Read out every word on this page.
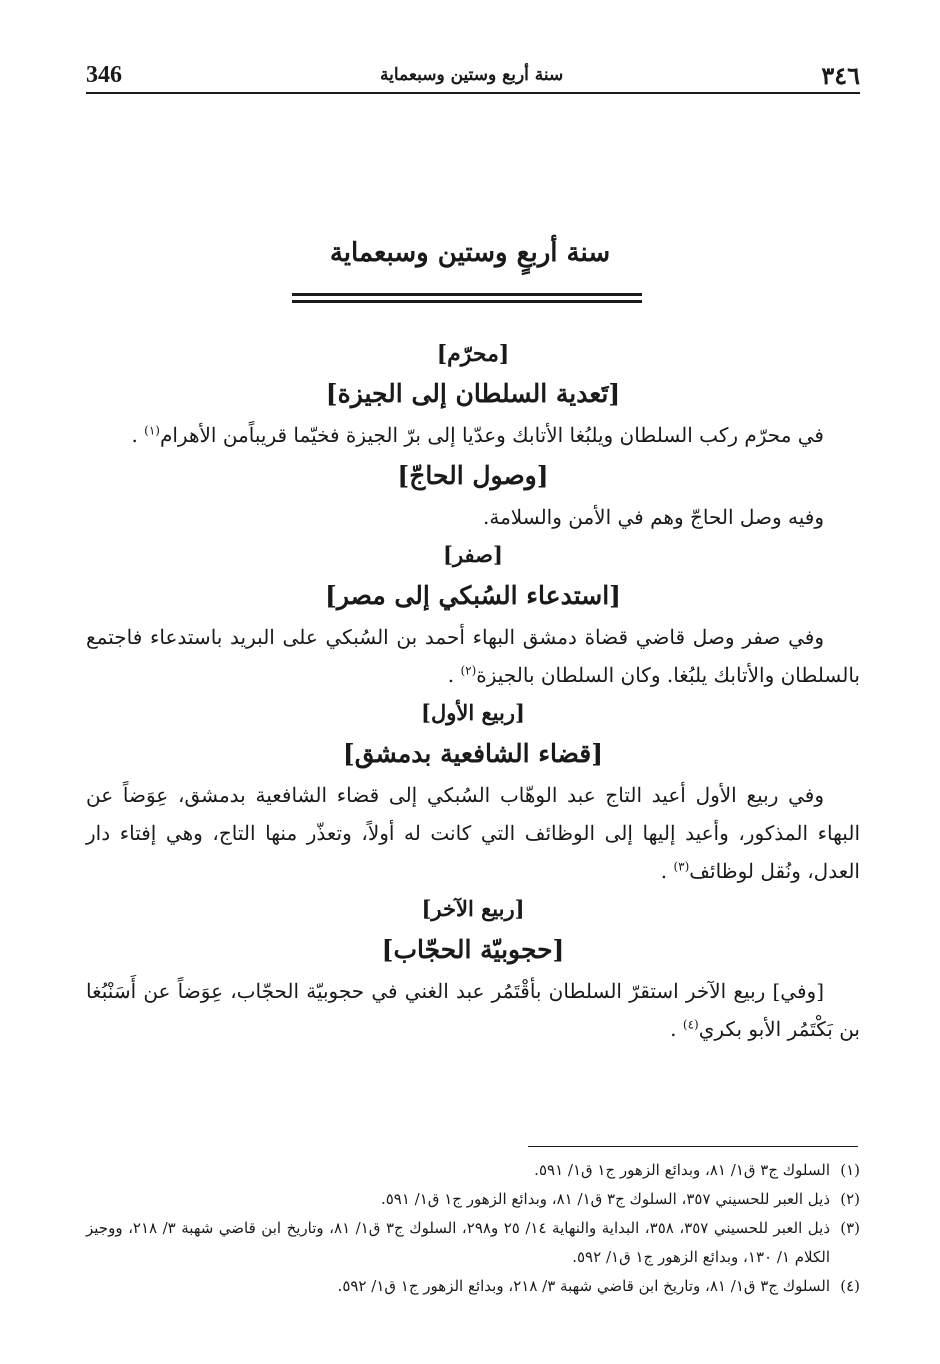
346	سنة أربع وستين وسبعماية	٣٤٦
سنة أربعٍ وستين وسبعماية

[محرّم]

[تَعدية السلطان إلى الجيزة]

في محرّم ركب السلطان ويلبُغا الأتابك وعدّيا إلى برّ الجيزة فخيّما قريباًمن الأهرام$^{(١)}$ .

[وصول الحاجّ]

وفيه وصل الحاجّ وهم في الأمن والسلامة.

[صفر]

[استدعاء السُبكي إلى مصر]

وفي صفر وصل قاضي قضاة دمشق البهاء أحمد بن السُبكي على البريد باستدعاء فاجتمع بالسلطان والأتابك يلبُغا. وكان السلطان بالجيزة$^{(٢)}$ .

[ربيع الأول]

[قضاء الشافعية بدمشق]

وفي ربيع الأول أعيد التاج عبد الوهّاب السُبكي إلى قضاء الشافعية بدمشق، عِوَضاً عن البهاء المذكور، وأعيد إليها إلى الوظائف التي كانت له أولاً، وتعذّر منها التاج، وهي إفتاء دار العدل، ونُقل لوظائف$^{(٣)}$ .

[ربيع الآخر]

[حجوبيّة الحجّاب]

[وفي] ربيع الآخر استقرّ السلطان بأقْتَمُر عبد الغني في حجوبيّة الحجّاب، عِوَضاً عن أَسَنْبُغا بن بَكْتَمُر الأبو بكري$^{(٤)}$ .

(١)
السلوك ج٣ ق١/ ٨١، وبدائع الزهور ج١ ق١/ ٥٩١.

(٢)
ذيل العبر للحسيني ٣٥٧، السلوك ج٣ ق١/ ٨١، وبدائع الزهور ج١ ق١/ ٥٩١.

(٣)
ذيل العبر للحسيني ٣٥٧، ٣٥٨، البداية والنهاية ١٤/ ٢٥ و٢٩٨، السلوك ج٣ ق١/ ٨١، وتاريخ ابن قاضي شهبة ٣/ ٢١٨، ووجيز الكلام ١/ ١٣٠، وبدائع الزهور ج١ ق١/ ٥٩٢.

(٤)
السلوك ج٣ ق١/ ٨١، وتاريخ ابن قاضي شهبة ٣/ ٢١٨، وبدائع الزهور ج١ ق١/ ٥٩٢.
